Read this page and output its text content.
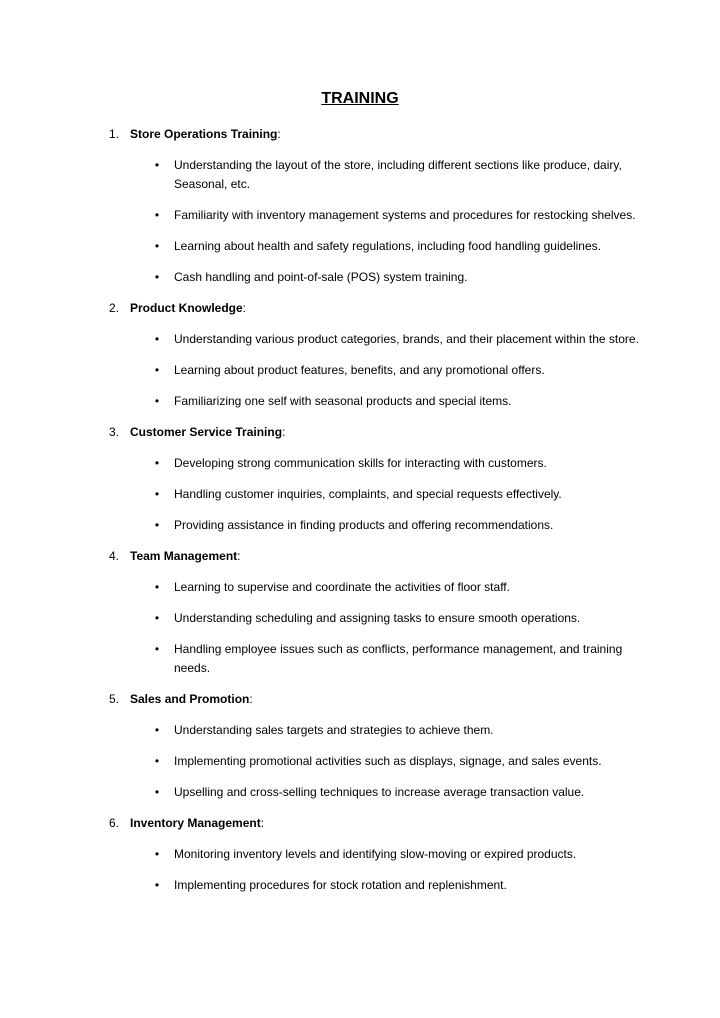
TRAINING
1. Store Operations Training:
• Understanding the layout of the store, including different sections like produce, dairy, Seasonal, etc.
• Familiarity with inventory management systems and procedures for restocking shelves.
• Learning about health and safety regulations, including food handling guidelines.
• Cash handling and point-of-sale (POS) system training.
2. Product Knowledge:
• Understanding various product categories, brands, and their placement within the store.
• Learning about product features, benefits, and any promotional offers.
• Familiarizing one self with seasonal products and special items.
3. Customer Service Training:
• Developing strong communication skills for interacting with customers.
• Handling customer inquiries, complaints, and special requests effectively.
• Providing assistance in finding products and offering recommendations.
4. Team Management:
• Learning to supervise and coordinate the activities of floor staff.
• Understanding scheduling and assigning tasks to ensure smooth operations.
• Handling employee issues such as conflicts, performance management, and training needs.
5. Sales and Promotion:
• Understanding sales targets and strategies to achieve them.
• Implementing promotional activities such as displays, signage, and sales events.
• Upselling and cross-selling techniques to increase average transaction value.
6. Inventory Management:
• Monitoring inventory levels and identifying slow-moving or expired products.
• Implementing procedures for stock rotation and replenishment.
